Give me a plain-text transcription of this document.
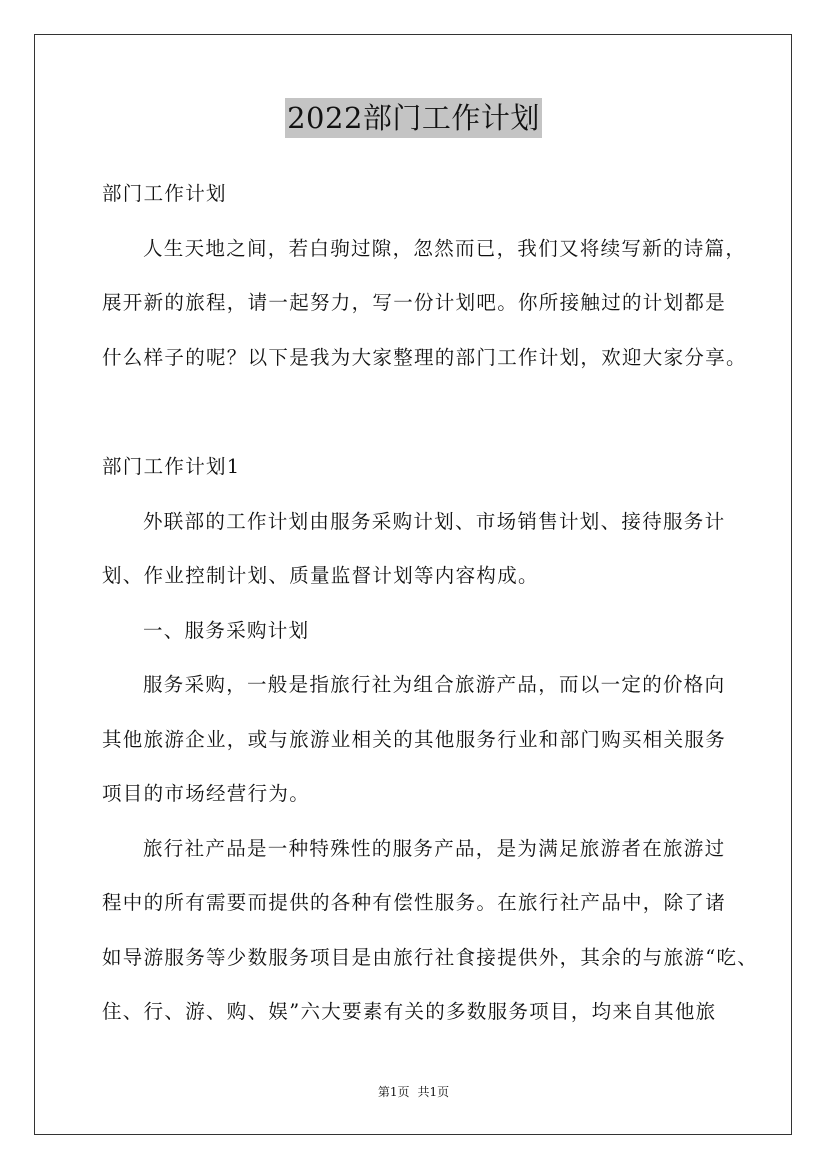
2022部门工作计划
部门工作计划
人生天地之间，若白驹过隙，忽然而已，我们又将续写新的诗篇，
展开新的旅程，请一起努力，写一份计划吧。你所接触过的计划都是
什么样子的呢？以下是我为大家整理的部门工作计划，欢迎大家分享。
部门工作计划1
外联部的工作计划由服务采购计划、市场销售计划、接待服务计
划、作业控制计划、质量监督计划等内容构成。
一、服务采购计划
服务采购，一般是指旅行社为组合旅游产品，而以一定的价格向
其他旅游企业，或与旅游业相关的其他服务行业和部门购买相关服务
项目的市场经营行为。
旅行社产品是一种特殊性的服务产品，是为满足旅游者在旅游过
程中的所有需要而提供的各种有偿性服务。在旅行社产品中，除了诸
如导游服务等少数服务项目是由旅行社食接提供外，其余的与旅游“吃、
住、行、游、购、娱”六大要素有关的多数服务项目，均来自其他旅
第1页 共1页
